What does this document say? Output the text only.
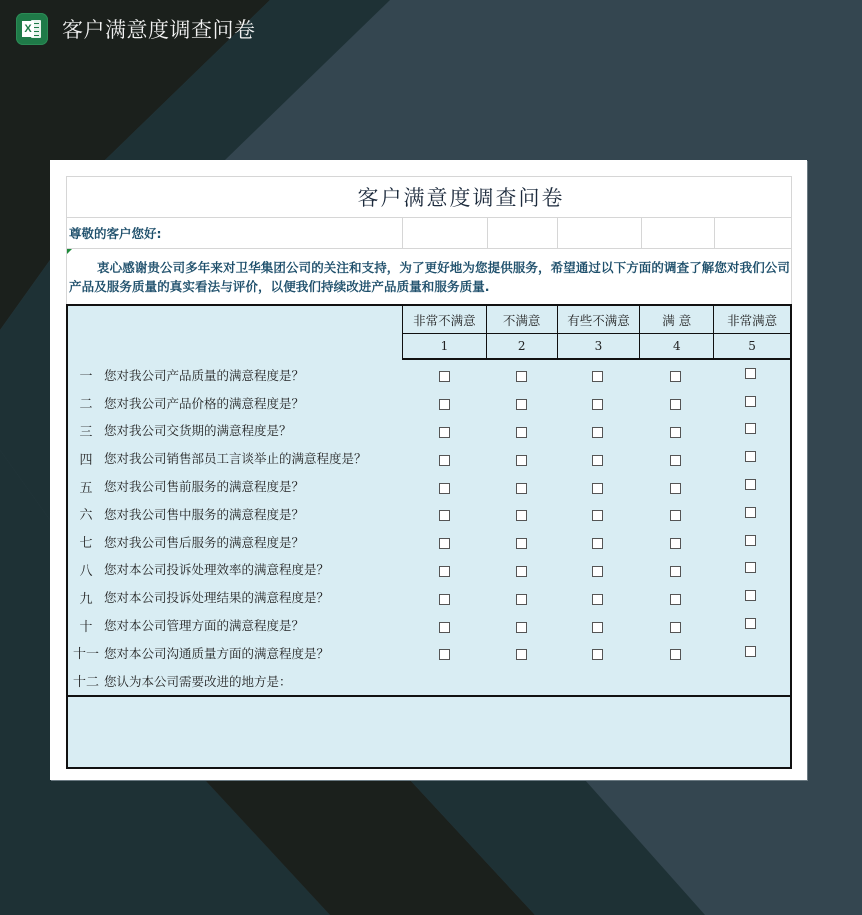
X 客户满意度调查问卷
客户满意度调查问卷
尊敬的客户您好:

衷心感谢贵公司多年来对卫华集团公司的关注和支持，为了更好地为您提供服务，希望通过以下方面的调查了解您对我们公司产品及服务质量的真实看法与评价，以便我们持续改进产品质量和服务质量.

非常不满意	不满意	有些不满意	满 意	非常满意
1	2	3	4	5
一 您对我公司产品质量的满意程度是？
二 您对我公司产品价格的满意程度是？
三 您对我公司交货期的满意程度是？
四 您对我公司销售部员工言谈举止的满意程度是？
五 您对我公司售前服务的满意程度是？
六 您对我公司售中服务的满意程度是？
七 您对我公司售后服务的满意程度是？
八 您对本公司投诉处理效率的满意程度是？
九 您对本公司投诉处理结果的满意程度是？
十 您对本公司管理方面的满意程度是？
十一 您对本公司沟通质量方面的满意程度是？
十二 您认为本公司需要改进的地方是：
